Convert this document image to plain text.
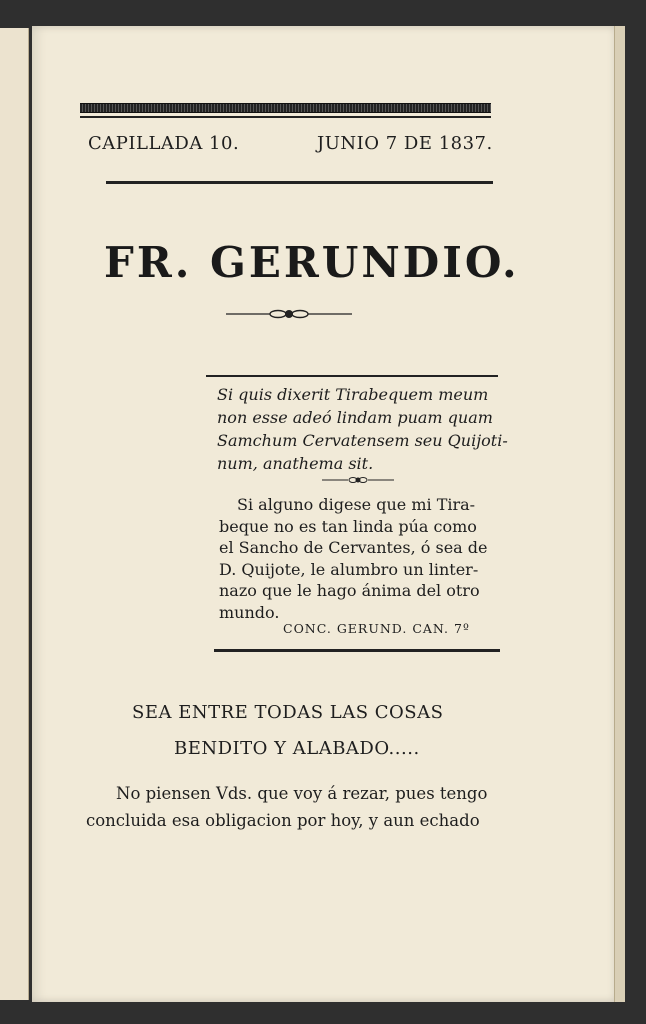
CAPILLADA 10.	JUNIO 7 DE 1837.
FR. GERUNDIO.
Si quis dixerit Tirabequem meum
non esse adeó lindam puam quam
Samchum Cervatensem seu Quijoti-
num, anathema sit.
Si alguno digese que mi Tira-
beque no es tan linda púa como
el Sancho de Cervantes, ó sea de
D. Quijote, le alumbro un linter-
nazo que le hago ánima del otro
mundo.
CONC. GERUND. CAN. 7º
SEA ENTRE TODAS LAS COSAS
BENDITO Y ALABADO.....
No piensen Vds. que voy á rezar, pues tengo
concluida esa obligacion por hoy, y aun echado
